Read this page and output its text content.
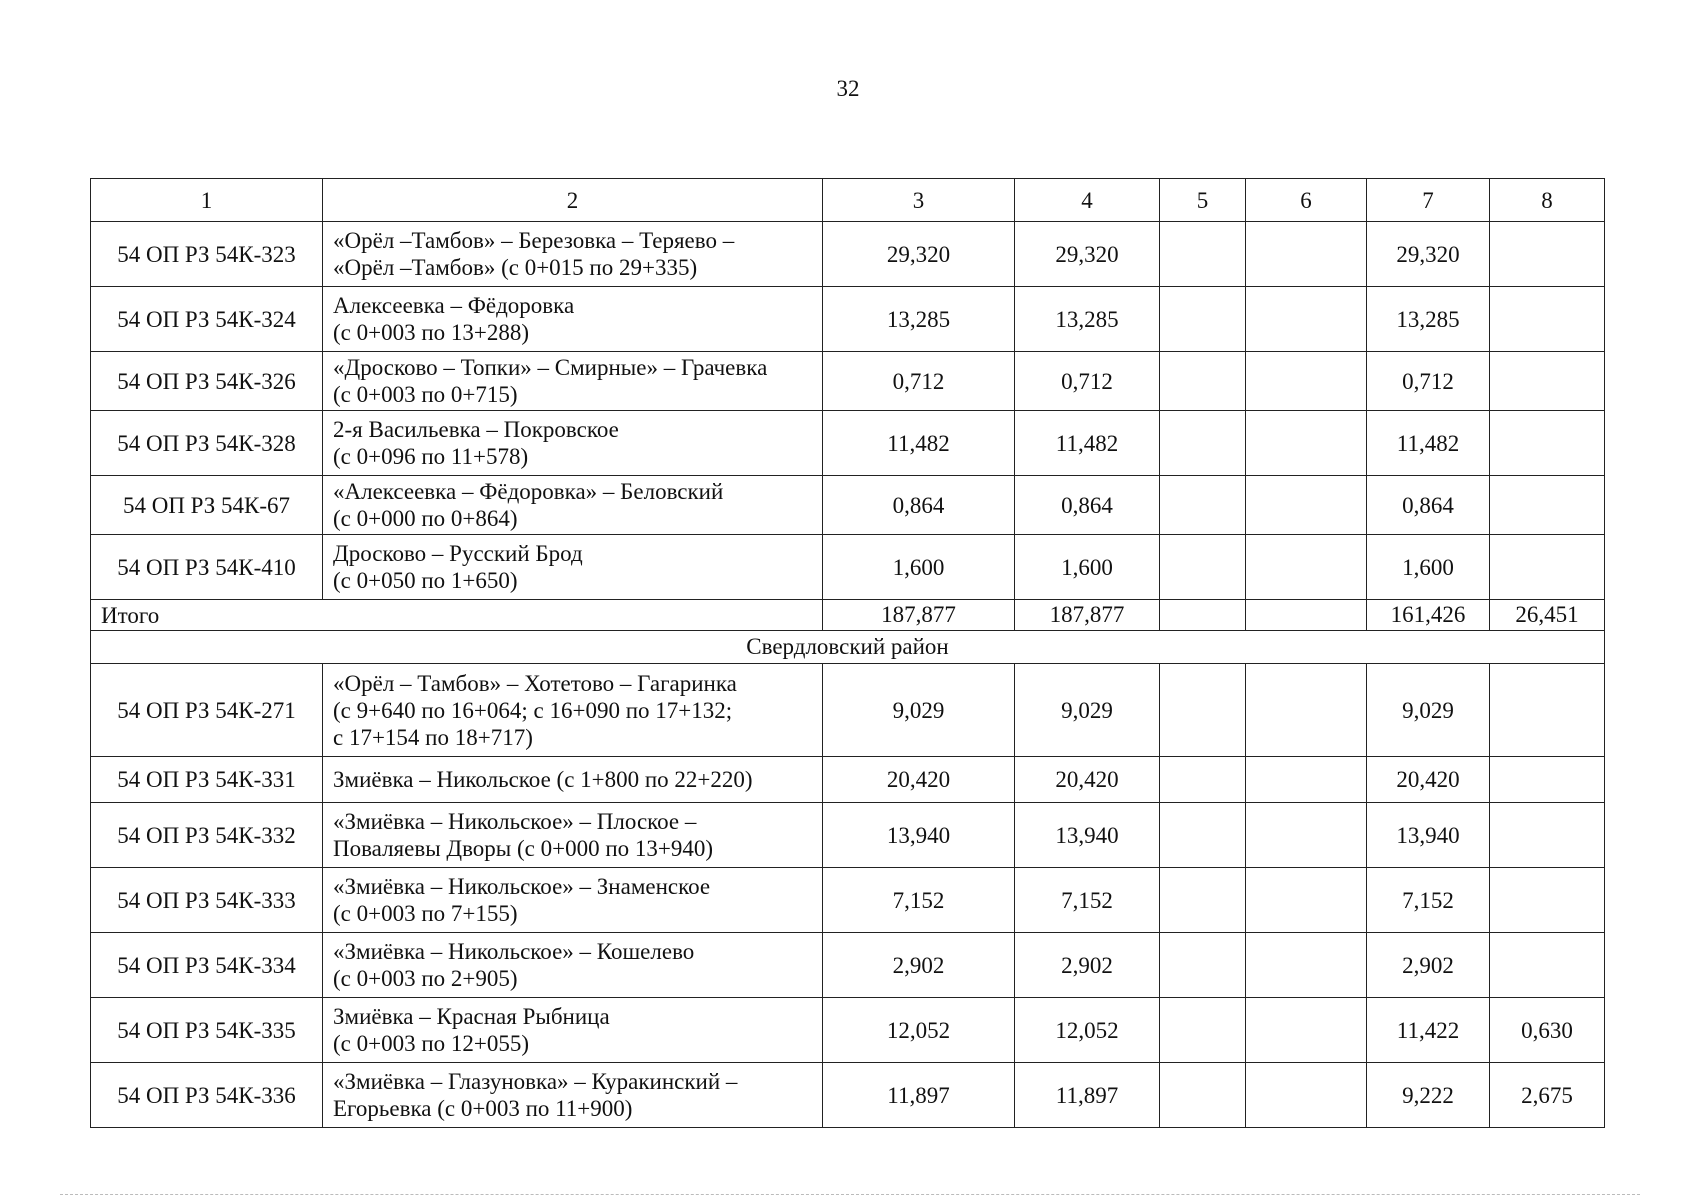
32
1	2	3	4	5	6	7	8
54 ОП РЗ 54К-323	«Орёл –Тамбов» – Березовка – Теряево –
«Орёл –Тамбов» (с 0+015 по 29+335)	29,320	29,320			29,320	
54 ОП РЗ 54К-324	Алексеевка – Фёдоровка
(с 0+003 по 13+288)	13,285	13,285			13,285	
54 ОП РЗ 54К-326	«Дросково – Топки» – Смирные» – Грачевка
(с 0+003 по 0+715)	0,712	0,712			0,712	
54 ОП РЗ 54К-328	2-я Васильевка – Покровское
(с 0+096 по 11+578)	11,482	11,482			11,482	
54 ОП РЗ 54К-67	«Алексеевка – Фёдоровка» – Беловский
(с 0+000 по 0+864)	0,864	0,864			0,864	
54 ОП РЗ 54К-410	Дросково – Русский Брод
(с 0+050 по 1+650)	1,600	1,600			1,600	
Итого		187,877	187,877			161,426	26,451
Свердловский район							
54 ОП РЗ 54К-271	«Орёл – Тамбов» – Хотетово – Гагаринка
(с 9+640 по 16+064; с 16+090 по 17+132;
с 17+154 по 18+717)	9,029	9,029			9,029	
54 ОП РЗ 54К-331	Змиёвка – Никольское (с 1+800 по 22+220)	20,420	20,420			20,420	
54 ОП РЗ 54К-332	«Змиёвка – Никольское» – Плоское –
Поваляевы Дворы (с 0+000 по 13+940)	13,940	13,940			13,940	
54 ОП РЗ 54К-333	«Змиёвка – Никольское» – Знаменское
(с 0+003 по 7+155)	7,152	7,152			7,152	
54 ОП РЗ 54К-334	«Змиёвка – Никольское» – Кошелево
(с 0+003 по 2+905)	2,902	2,902			2,902	
54 ОП РЗ 54К-335	Змиёвка – Красная Рыбница
(с 0+003 по 12+055)	12,052	12,052			11,422	0,630
54 ОП РЗ 54К-336	«Змиёвка – Глазуновка» – Куракинский –
Егорьевка (с 0+003 по 11+900)	11,897	11,897			9,222	2,675
